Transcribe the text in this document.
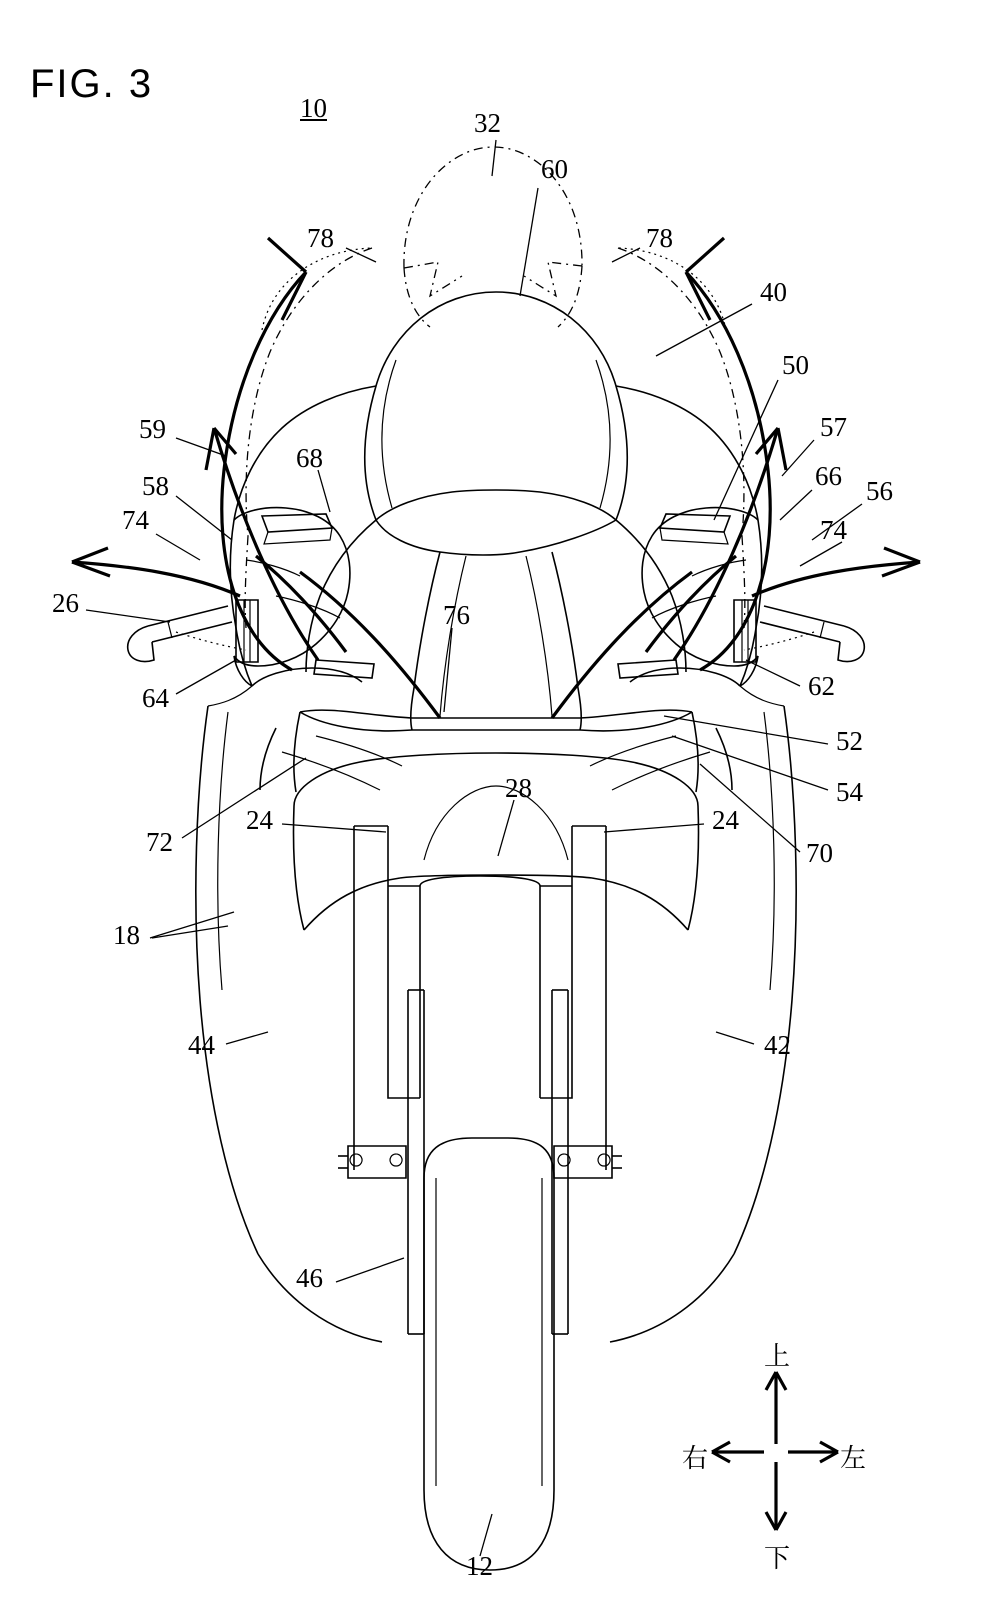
FIG. 3
10	32
60
78	78
40
50
59	57
68
66
58	56
74	74
26	76
64	62
52
28	54
24	24
72	70
18
44	42
46
12
上
下
左
右
